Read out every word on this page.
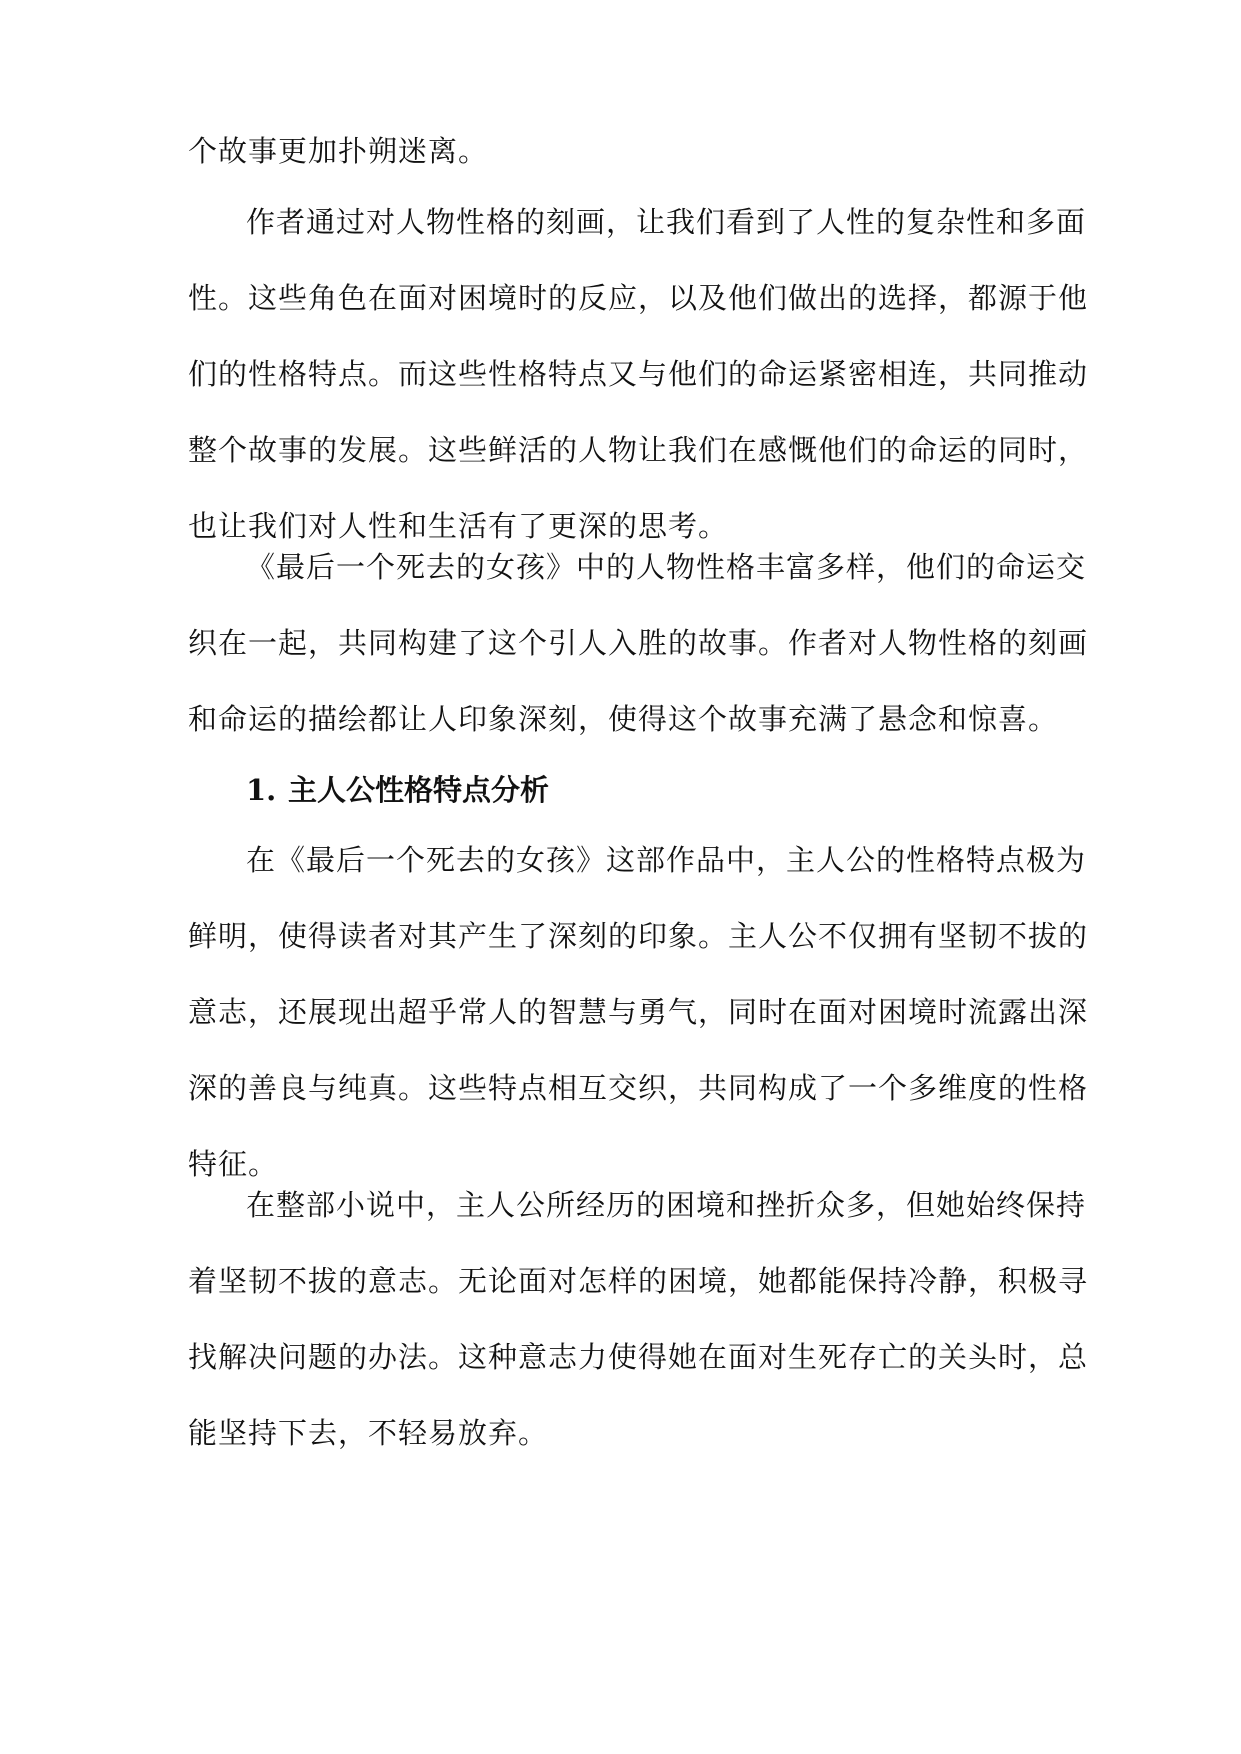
个故事更加扑朔迷离。
作者通过对人物性格的刻画，让我们看到了人性的复杂性和多面
性。这些角色在面对困境时的反应，以及他们做出的选择，都源于他
们的性格特点。而这些性格特点又与他们的命运紧密相连，共同推动
整个故事的发展。这些鲜活的人物让我们在感慨他们的命运的同时，
也让我们对人性和生活有了更深的思考。
《最后一个死去的女孩》中的人物性格丰富多样，他们的命运交
织在一起，共同构建了这个引人入胜的故事。作者对人物性格的刻画
和命运的描绘都让人印象深刻，使得这个故事充满了悬念和惊喜。
1. 主人公性格特点分析
在《最后一个死去的女孩》这部作品中，主人公的性格特点极为
鲜明，使得读者对其产生了深刻的印象。主人公不仅拥有坚韧不拔的
意志，还展现出超乎常人的智慧与勇气，同时在面对困境时流露出深
深的善良与纯真。这些特点相互交织，共同构成了一个多维度的性格
特征。
在整部小说中，主人公所经历的困境和挫折众多，但她始终保持
着坚韧不拔的意志。无论面对怎样的困境，她都能保持冷静，积极寻
找解决问题的办法。这种意志力使得她在面对生死存亡的关头时，总
能坚持下去，不轻易放弃。
